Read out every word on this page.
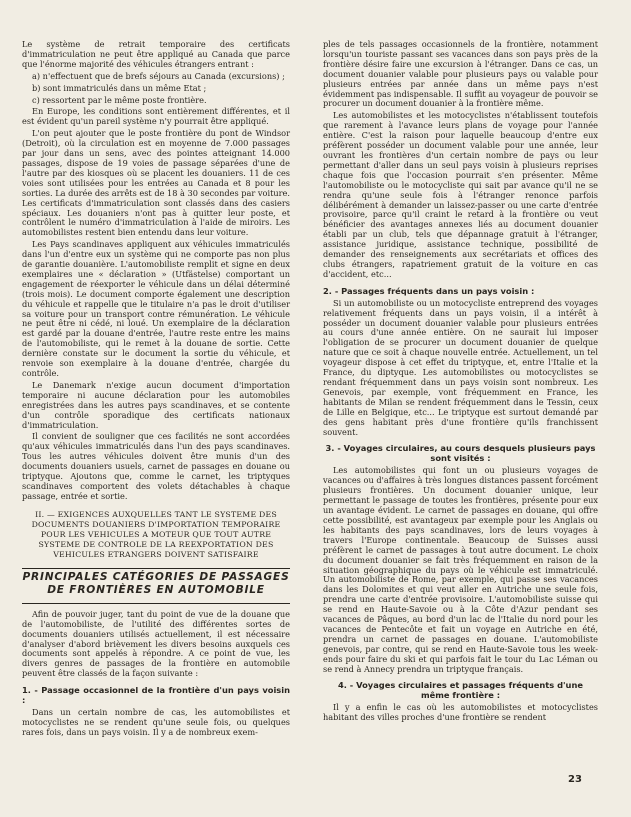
Le système de retrait temporaire des certificats d'immatriculation ne peut être appliqué au Canada que parce que l'énorme majorité des véhicules étrangers entrant :

a) n'effectuent que de brefs séjours au Canada (excursions) ;

b) sont immatriculés dans un même Etat ;

c) ressortent par le même poste frontière.

En Europe, les conditions sont entièrement différentes, et il est évident qu'un pareil système n'y pourrait être appliqué.

L'on peut ajouter que le poste frontière du pont de Windsor (Detroit), où la circulation est en moyenne de 7.000 passages par jour dans un sens, avec des pointes atteignant 14.000 passages, dispose de 19 voies de passage séparées d'une de l'autre par des kiosques où se placent les douaniers. 11 de ces voies sont utilisées pour les entrées au Canada et 8 pour les sorties. La durée des arrêts est de 18 à 30 secondes par voiture. Les certificats d'immatriculation sont classés dans des casiers spéciaux. Les douaniers n'ont pas à quitter leur poste, et contrôlent le numéro d'immatriculation à l'aide de miroirs. Les automobilistes restent bien entendu dans leur voiture.

Les Pays scandinaves appliquent aux véhicules immatriculés dans l'un d'entre eux un système qui ne comporte pas non plus de garantie douanière. L'automobiliste remplit et signe en deux exemplaires une « déclaration » (Utfästelse) comportant un engagement de réexporter le véhicule dans un délai déterminé (trois mois). Le document comporte également une description du véhicule et rappelle que le titulaire n'a pas le droit d'utiliser sa voiture pour un transport contre rémunération. Le véhicule ne peut être ni cédé, ni loué. Un exemplaire de la déclaration est gardé par la douane d'entrée, l'autre reste entre les mains de l'automobiliste, qui le remet à la douane de sortie. Cette dernière constate sur le document la sortie du véhicule, et renvoie son exemplaire à la douane d'entrée, chargée du contrôle.

Le Danemark n'exige aucun document d'importation temporaire ni aucune déclaration pour les automobiles enregistrées dans les autres pays scandinaves, et se contente d'un contrôle sporadique des certificats nationaux d'immatriculation.

Il convient de souligner que ces facilités ne sont accordées qu'aux véhicules immatriculés dans l'un des pays scandinaves. Tous les autres véhicules doivent être munis d'un des documents douaniers usuels, carnet de passages en douane ou triptyque. Ajoutons que, comme le carnet, les triptyques scandinaves comportent des volets détachables à chaque passage, entrée et sortie.

II. — EXIGENCES AUXQUELLES TANT LE SYSTEME DES DOCUMENTS DOUANIERS D'IMPORTATION TEMPORAIRE POUR LES VEHICULES A MOTEUR QUE TOUT AUTRE SYSTEME DE CONTROLE DE LA REEXPORTATION DES VEHICULES ETRANGERS DOIVENT SATISFAIRE

PRINCIPALES CATÉGORIES DE PASSAGES DE FRONTIÈRES EN AUTOMOBILE

Afin de pouvoir juger, tant du point de vue de la douane que de l'automobiliste, de l'utilité des différentes sortes de documents douaniers utilisés actuellement, il est nécessaire d'analyser d'abord brièvement les divers besoins auxquels ces documents sont appelés à répondre. A ce point de vue, les divers genres de passages de la frontière en automobile peuvent être classés de la façon suivante :

1. - Passage occasionnel de la frontière d'un pays voisin :

Dans un certain nombre de cas, les automobilistes et motocyclistes ne se rendent qu'une seule fois, ou quelques rares fois, dans un pays voisin. Il y a de nombreux exem-

ples de tels passages occasionnels de la frontière, notamment lorsqu'un touriste passant ses vacances dans son pays près de la frontière désire faire une excursion à l'étranger. Dans ce cas, un document douanier valable pour plusieurs pays ou valable pour plusieurs entrées par année dans un même pays n'est évidemment pas indispensable. Il suffit au voyageur de pouvoir se procurer un document douanier à la frontière même.

Les automobilistes et les motocyclistes n'établissent toutefois que rarement à l'avance leurs plans de voyage pour l'année entière. C'est la raison pour laquelle beaucoup d'entre eux préfèrent posséder un document valable pour une année, leur ouvrant les frontières d'un certain nombre de pays ou leur permettant d'aller dans un seul pays voisin à plusieurs reprises chaque fois que l'occasion pourrait s'en présenter. Même l'automobiliste ou le motocycliste qui sait par avance qu'il ne se rendra qu'une seule fois à l'étranger renonce parfois délibérément à demander un laissez-passer ou une carte d'entrée provisoire, parce qu'il craint le retard à la frontière ou veut bénéficier des avantages annexes liés au document douanier établi par un club, tels que dépannage gratuit à l'étranger, assistance juridique, assistance technique, possibilité de demander des renseignements aux secrétariats et offices des clubs étrangers, rapatriement gratuit de la voiture en cas d'accident, etc...

2. - Passages fréquents dans un pays voisin :

Si un automobiliste ou un motocycliste entreprend des voyages relativement fréquents dans un pays voisin, il a intérêt à posséder un document douanier valable pour plusieurs entrées au cours d'une année entière. On ne saurait lui imposer l'obligation de se procurer un document douanier de quelque nature que ce soit à chaque nouvelle entrée. Actuellement, un tel voyageur dispose à cet effet du triptyque, et, entre l'Italie et la France, du diptyque. Les automobilistes ou motocyclistes se rendant fréquemment dans un pays voisin sont nombreux. Les Genevois, par exemple, vont fréquemment en France, les habitants de Milan se rendent fréquemment dans le Tessin, ceux de Lille en Belgique, etc... Le triptyque est surtout demandé par des gens habitant près d'une frontière qu'ils franchissent souvent.

3. - Voyages circulaires, au cours desquels plusieurs pays sont visités :

Les automobilistes qui font un ou plusieurs voyages de vacances ou d'affaires à très longues distances passent forcément plusieurs frontières. Un document douanier unique, leur permettant le passage de toutes les frontières, présente pour eux un avantage évident. Le carnet de passages en douane, qui offre cette possibilité, est avantageux par exemple pour les Anglais ou les habitants des pays scandinaves, lors de leurs voyages à travers l'Europe continentale. Beaucoup de Suisses aussi préfèrent le carnet de passages à tout autre document. Le choix du document douanier se fait très fréquemment en raison de la situation géographique du pays où le véhicule est immatriculé. Un automobiliste de Rome, par exemple, qui passe ses vacances dans les Dolomites et qui veut aller en Autriche une seule fois, prendra une carte d'entrée provisoire. L'automobiliste suisse qui se rend en Haute-Savoie ou à la Côte d'Azur pendant ses vacances de Pâques, au bord d'un lac de l'Italie du nord pour les vacances de Pentecôte et fait un voyage en Autriche en été, prendra un carnet de passages en douane. L'automobiliste genevois, par contre, qui se rend en Haute-Savoie tous les week-ends pour faire du ski et qui parfois fait le tour du Lac Léman ou se rend à Annecy prendra un triptyque français.

4. - Voyages circulaires et passages fréquents d'une même frontière :

Il y a enfin le cas où les automobilistes et motocyclistes habitant des villes proches d'une frontière se rendent

23
